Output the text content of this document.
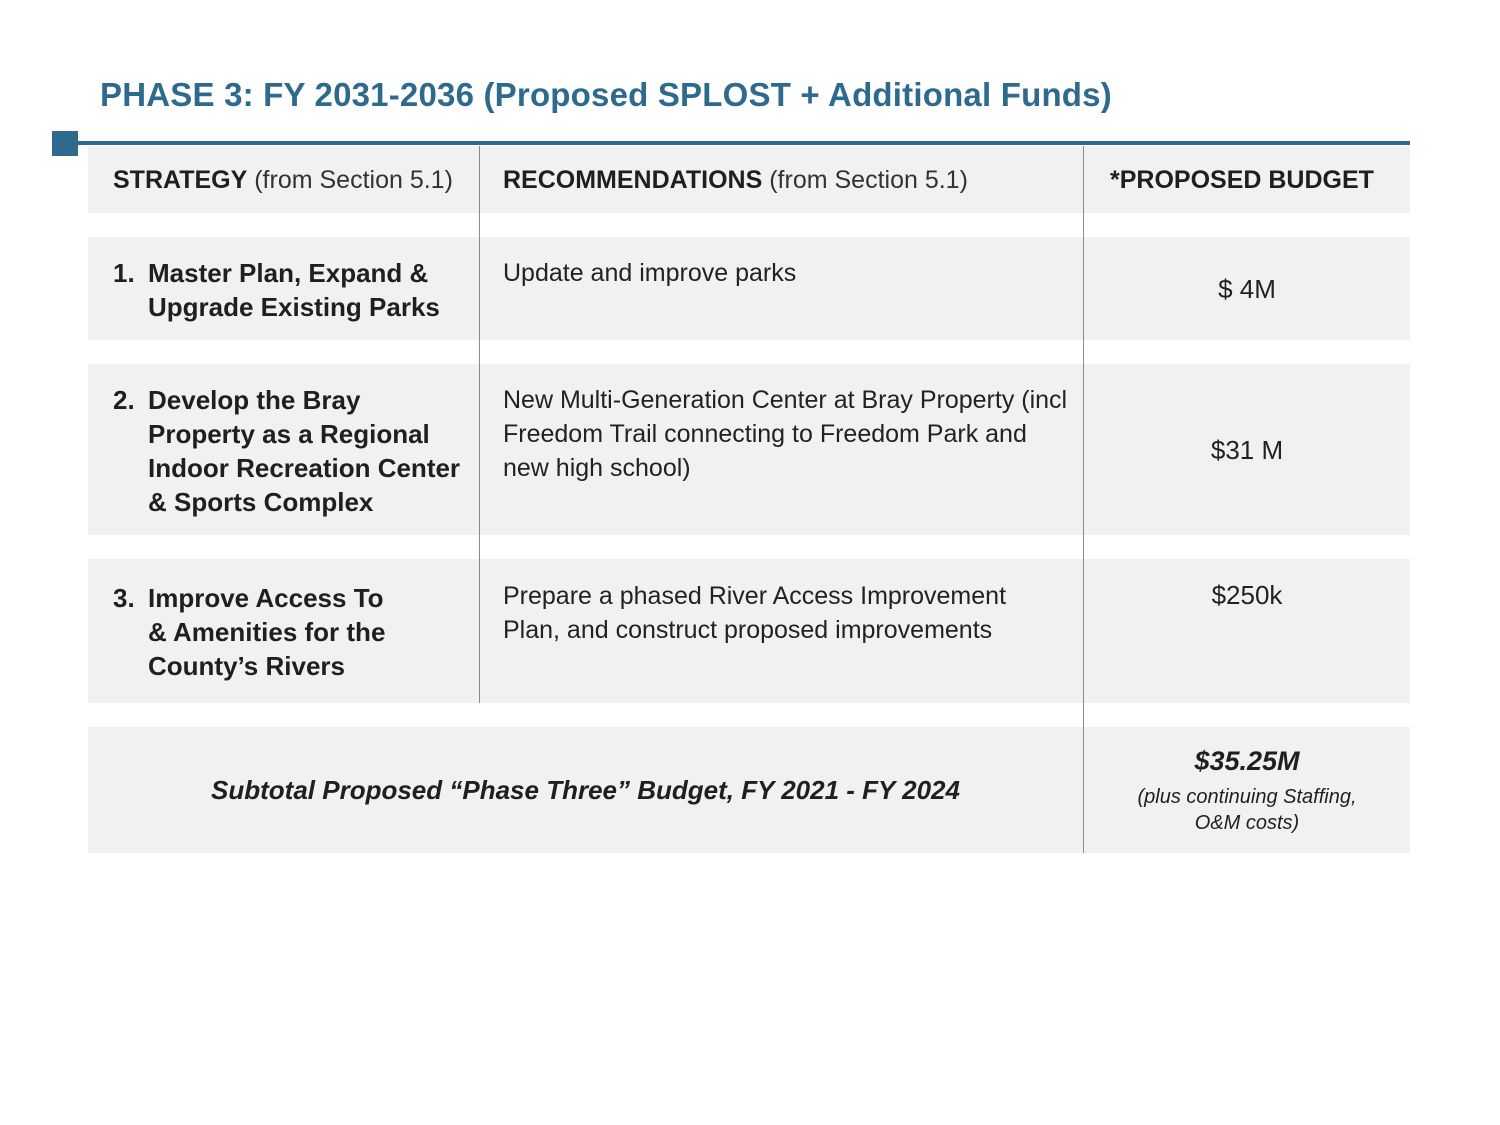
PHASE 3: FY 2031-2036 (Proposed SPLOST + Additional Funds)
STRATEGY (from Section 5.1) RECOMMENDATIONS (from Section 5.1)	*PROPOSED BUDGET
1. Master Plan, Expand &
Upgrade Existing Parks
Update and improve parks
$ 4M
2. Develop the Bray
Property as a Regional
Indoor Recreation Center
& Sports Complex
New Multi-Generation Center at Bray Property (incl Freedom Trail connecting to Freedom Park and new high school)
$31 M
3. Improve Access To
& Amenities for the
County’s Rivers
Prepare a phased River Access Improvement Plan, and construct proposed improvements
$250k
Subtotal Proposed “Phase Three” Budget, FY 2021 - FY 2024
$35.25M
(plus continuing Staffing,
O&M costs)
